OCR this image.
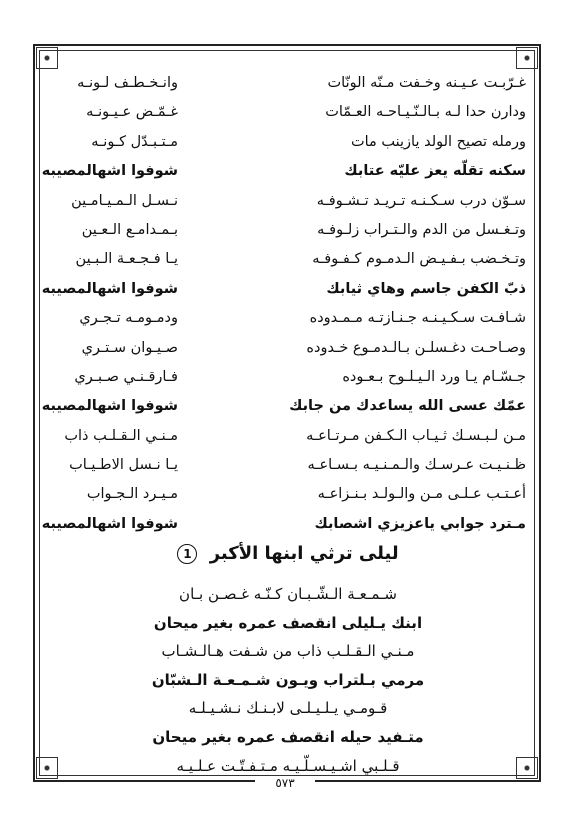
غـرّبـت عـيـنه وخـفت مـنّه الونّات
وانـخـطـف لـونـه
ودارن حدا لـه بـالـنّـيـاحـه العـمّات
غـمّـض عـيـونـه
ورمله تصيح الولد يازينب مات
مـتـبـدّل كـونـه
سكنه تقلّه يعز عليّه عتابك
شوفوا اشهالمصيبه
سـوّن درب سـكـنـه تـريـد تـشـوفـه
نـسـل الـمـيـامـين
وتـغـسل من الدم والـتـراب زلـوفـه
بـمـدامـع الـعـين
وتـخـضب بـفـيـض الـدمـوم كـفـوفـه
يـا فـجـعـة الـبـين
ذبّ الكفن جاسم وهاي ثيابك
شوفوا اشهالمصيبه
شـافـت سـكـيـنـه جـنـازتـه مـمـدوده
ودمـومـه تـجـري
وصـاحـت دغـسلـن بـالـدمـوع خـدوده
صـيـوان سـتـري
جـسّـام يـا ورد الـيـلـوح بـعـوده
فـارقـنـي صـبـري
عمّك عسى الله يساعدك من جابك
شوفوا اشهالمصيبه
مـن لـبـسـك ثـيـاب الـكـفن مـرتـاعـه
مـنـي الـقـلـب ذاب
ظـنـيـت عـرسـك والـمـنـيـه بـسـاعـه
يـا نـسل الاطـيـاب
أعـتـب عـلـى مـن والـولـد بـنـزاعـه
مـيـرد الـجـواب
مـترد جوابي ياعزيزي اشصابك
شوفوا اشهالمصيبه
ليلى ترثي ابنها الأكبر 1
شـمـعـة الـشّـبـان كـنّـه غـصـن بـان
ابنك يـليلى انقصف عمره بغير ميحان
مـنـي الـقـلـب ذاب من شـفت هـالـشـاب
مرمي بـلتراب ويـون شـمـعـة الـشبّان
قـومـي يـلـيـلـى لابـنـك نـشـيـلـه
متـفيد حيله انقصف عمره بغير ميحان
قـلـبي اشـيـسـلّـيـه مـتـفـتّـت عـلـيـه
٥٧٣
